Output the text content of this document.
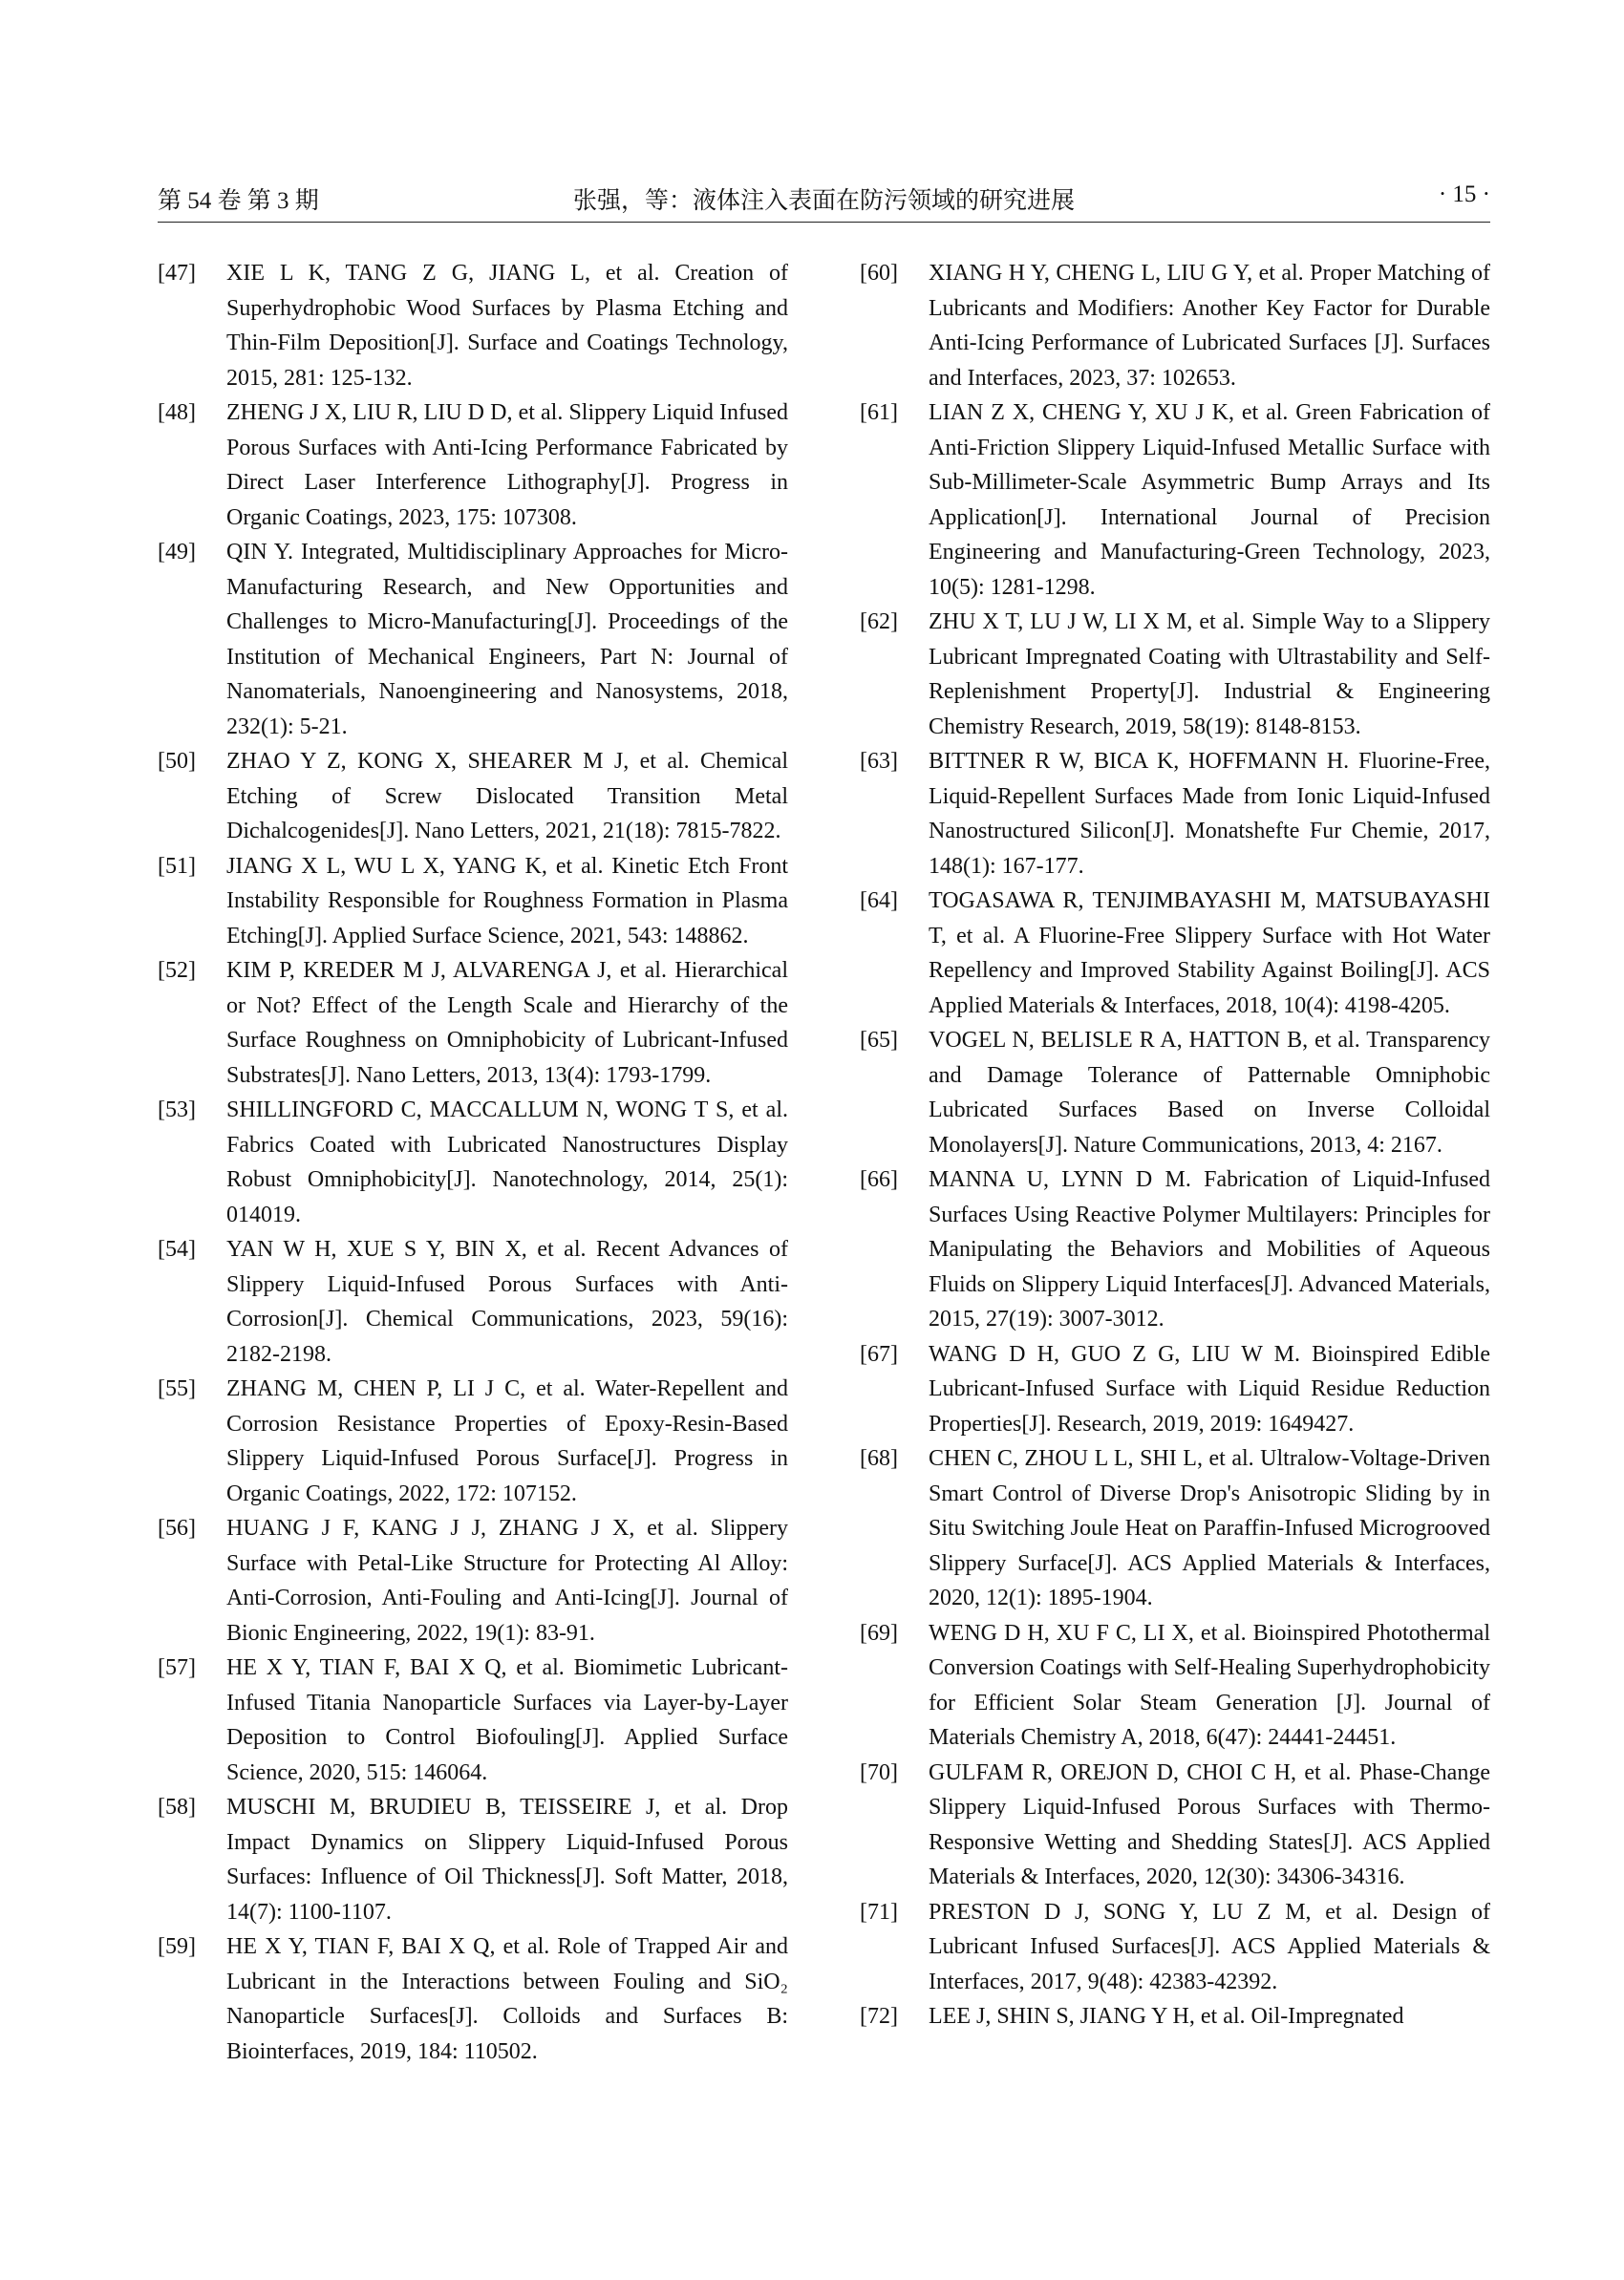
第 54 卷 第 3 期	张强，等：液体注入表面在防污领域的研究进展	· 15 ·
[47] XIE L K, TANG Z G, JIANG L, et al. Creation of Superhydrophobic Wood Surfaces by Plasma Etching and Thin-Film Deposition[J]. Surface and Coatings Technology, 2015, 281: 125-132.
[48] ZHENG J X, LIU R, LIU D D, et al. Slippery Liquid Infused Porous Surfaces with Anti-Icing Performance Fabricated by Direct Laser Interference Lithography[J]. Progress in Organic Coatings, 2023, 175: 107308.
[49] QIN Y. Integrated, Multidisciplinary Approaches for Micro-Manufacturing Research, and New Opportunities and Challenges to Micro-Manufacturing[J]. Proceedings of the Institution of Mechanical Engineers, Part N: Journal of Nanomaterials, Nanoengineering and Nanosystems, 2018, 232(1): 5-21.
[50] ZHAO Y Z, KONG X, SHEARER M J, et al. Chemical Etching of Screw Dislocated Transition Metal Dichalcogenides[J]. Nano Letters, 2021, 21(18): 7815-7822.
[51] JIANG X L, WU L X, YANG K, et al. Kinetic Etch Front Instability Responsible for Roughness Formation in Plasma Etching[J]. Applied Surface Science, 2021, 543: 148862.
[52] KIM P, KREDER M J, ALVARENGA J, et al. Hierarchical or Not? Effect of the Length Scale and Hierarchy of the Surface Roughness on Omniphobicity of Lubricant-Infused Substrates[J]. Nano Letters, 2013, 13(4): 1793-1799.
[53] SHILLINGFORD C, MACCALLUM N, WONG T S, et al. Fabrics Coated with Lubricated Nanostructures Display Robust Omniphobicity[J]. Nanotechnology, 2014, 25(1): 014019.
[54] YAN W H, XUE S Y, BIN X, et al. Recent Advances of Slippery Liquid-Infused Porous Surfaces with Anti-Corrosion[J]. Chemical Communications, 2023, 59(16): 2182-2198.
[55] ZHANG M, CHEN P, LI J C, et al. Water-Repellent and Corrosion Resistance Properties of Epoxy-Resin-Based Slippery Liquid-Infused Porous Surface[J]. Progress in Organic Coatings, 2022, 172: 107152.
[56] HUANG J F, KANG J J, ZHANG J X, et al. Slippery Surface with Petal-Like Structure for Protecting Al Alloy: Anti-Corrosion, Anti-Fouling and Anti-Icing[J]. Journal of Bionic Engineering, 2022, 19(1): 83-91.
[57] HE X Y, TIAN F, BAI X Q, et al. Biomimetic Lubricant-Infused Titania Nanoparticle Surfaces via Layer-by-Layer Deposition to Control Biofouling[J]. Applied Surface Science, 2020, 515: 146064.
[58] MUSCHI M, BRUDIEU B, TEISSEIRE J, et al. Drop Impact Dynamics on Slippery Liquid-Infused Porous Surfaces: Influence of Oil Thickness[J]. Soft Matter, 2018, 14(7): 1100-1107.
[59] HE X Y, TIAN F, BAI X Q, et al. Role of Trapped Air and Lubricant in the Interactions between Fouling and SiO₂ Nanoparticle Surfaces[J]. Colloids and Surfaces B: Biointerfaces, 2019, 184: 110502.
[60] XIANG H Y, CHENG L, LIU G Y, et al. Proper Matching of Lubricants and Modifiers: Another Key Factor for Durable Anti-Icing Performance of Lubricated Surfaces [J]. Surfaces and Interfaces, 2023, 37: 102653.
[61] LIAN Z X, CHENG Y, XU J K, et al. Green Fabrication of Anti-Friction Slippery Liquid-Infused Metallic Surface with Sub-Millimeter-Scale Asymmetric Bump Arrays and Its Application[J]. International Journal of Precision Engineering and Manufacturing-Green Technology, 2023, 10(5): 1281-1298.
[62] ZHU X T, LU J W, LI X M, et al. Simple Way to a Slippery Lubricant Impregnated Coating with Ultrastability and Self-Replenishment Property[J]. Industrial & Engineering Chemistry Research, 2019, 58(19): 8148-8153.
[63] BITTNER R W, BICA K, HOFFMANN H. Fluorine-Free, Liquid-Repellent Surfaces Made from Ionic Liquid-Infused Nanostructured Silicon[J]. Monatshefte Fur Chemie, 2017, 148(1): 167-177.
[64] TOGASAWA R, TENJIMBAYASHI M, MATSUBAYASHI T, et al. A Fluorine-Free Slippery Surface with Hot Water Repellency and Improved Stability Against Boiling[J]. ACS Applied Materials & Interfaces, 2018, 10(4): 4198-4205.
[65] VOGEL N, BELISLE R A, HATTON B, et al. Transparency and Damage Tolerance of Patternable Omniphobic Lubricated Surfaces Based on Inverse Colloidal Monolayers[J]. Nature Communications, 2013, 4: 2167.
[66] MANNA U, LYNN D M. Fabrication of Liquid-Infused Surfaces Using Reactive Polymer Multilayers: Principles for Manipulating the Behaviors and Mobilities of Aqueous Fluids on Slippery Liquid Interfaces[J]. Advanced Materials, 2015, 27(19): 3007-3012.
[67] WANG D H, GUO Z G, LIU W M. Bioinspired Edible Lubricant-Infused Surface with Liquid Residue Reduction Properties[J]. Research, 2019, 2019: 1649427.
[68] CHEN C, ZHOU L L, SHI L, et al. Ultralow-Voltage-Driven Smart Control of Diverse Drop's Anisotropic Sliding by in Situ Switching Joule Heat on Paraffin-Infused Microgrooved Slippery Surface[J]. ACS Applied Materials & Interfaces, 2020, 12(1): 1895-1904.
[69] WENG D H, XU F C, LI X, et al. Bioinspired Photothermal Conversion Coatings with Self-Healing Superhydrophobicity for Efficient Solar Steam Generation [J]. Journal of Materials Chemistry A, 2018, 6(47): 24441-24451.
[70] GULFAM R, OREJON D, CHOI C H, et al. Phase-Change Slippery Liquid-Infused Porous Surfaces with Thermo-Responsive Wetting and Shedding States[J]. ACS Applied Materials & Interfaces, 2020, 12(30): 34306-34316.
[71] PRESTON D J, SONG Y, LU Z M, et al. Design of Lubricant Infused Surfaces[J]. ACS Applied Materials & Interfaces, 2017, 9(48): 42383-42392.
[72] LEE J, SHIN S, JIANG Y H, et al. Oil-Impregnated
